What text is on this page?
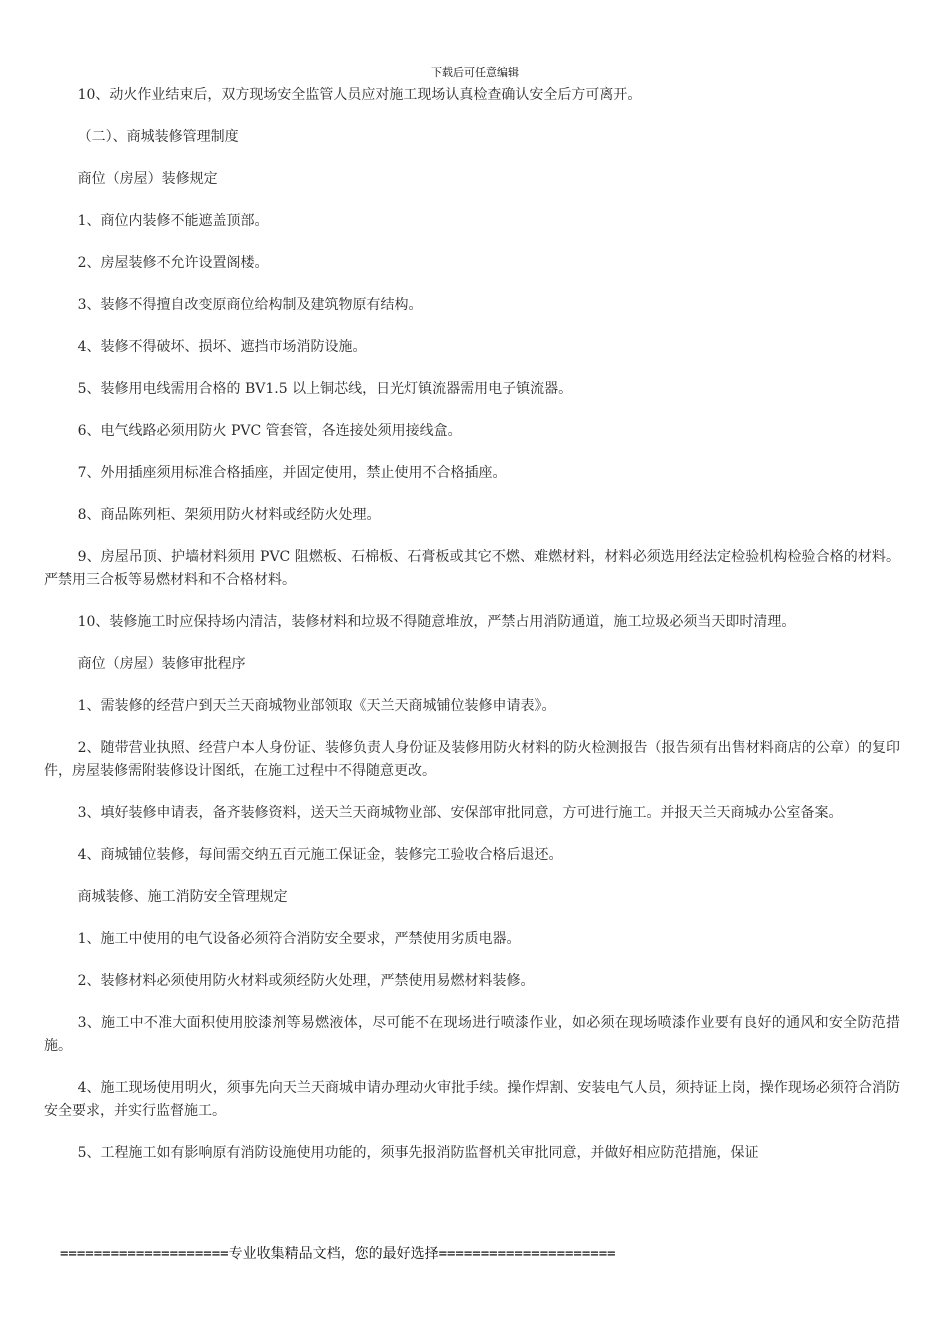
下载后可任意编辑

10、动火作业结束后，双方现场安全监管人员应对施工现场认真检查确认安全后方可离开。

（二）、商城装修管理制度

商位（房屋）装修规定

1、商位内装修不能遮盖顶部。

2、房屋装修不允许设置阁楼。

3、装修不得擅自改变原商位给构制及建筑物原有结构。

4、装修不得破坏、损坏、遮挡市场消防设施。

5、装修用电线需用合格的 BV1.5 以上铜芯线，日光灯镇流器需用电子镇流器。

6、电气线路必须用防火 PVC 管套管，各连接处须用接线盒。

7、外用插座须用标准合格插座，并固定使用，禁止使用不合格插座。

8、商品陈列柜、架须用防火材料或经防火处理。

9、房屋吊顶、护墙材料须用 PVC 阻燃板、石棉板、石膏板或其它不燃、难燃材料，材料必须选用经法定检验机构检验合格的材料。严禁用三合板等易燃材料和不合格材料。

10、装修施工时应保持场内清洁，装修材料和垃圾不得随意堆放，严禁占用消防通道，施工垃圾必须当天即时清理。

商位（房屋）装修审批程序

1、需装修的经营户到天兰天商城物业部领取《天兰天商城铺位装修申请表》。

2、随带营业执照、经营户本人身份证、装修负责人身份证及装修用防火材料的防火检测报告（报告须有出售材料商店的公章）的复印件，房屋装修需附装修设计图纸，在施工过程中不得随意更改。

3、填好装修申请表，备齐装修资料，送天兰天商城物业部、安保部审批同意，方可进行施工。并报天兰天商城办公室备案。

4、商城铺位装修，每间需交纳五百元施工保证金，装修完工验收合格后退还。

商城装修、施工消防安全管理规定

1、施工中使用的电气设备必须符合消防安全要求，严禁使用劣质电器。

2、装修材料必须使用防火材料或须经防火处理，严禁使用易燃材料装修。

3、施工中不准大面积使用胶漆剂等易燃液体，尽可能不在现场进行喷漆作业，如必须在现场喷漆作业要有良好的通风和安全防范措施。

4、施工现场使用明火，须事先向天兰天商城申请办理动火审批手续。操作焊割、安装电气人员，须持证上岗，操作现场必须符合消防安全要求，并实行监督施工。

5、工程施工如有影响原有消防设施使用功能的，须事先报消防监督机关审批同意，并做好相应防范措施，保证

====================专业收集精品文档，您的最好选择=====================
